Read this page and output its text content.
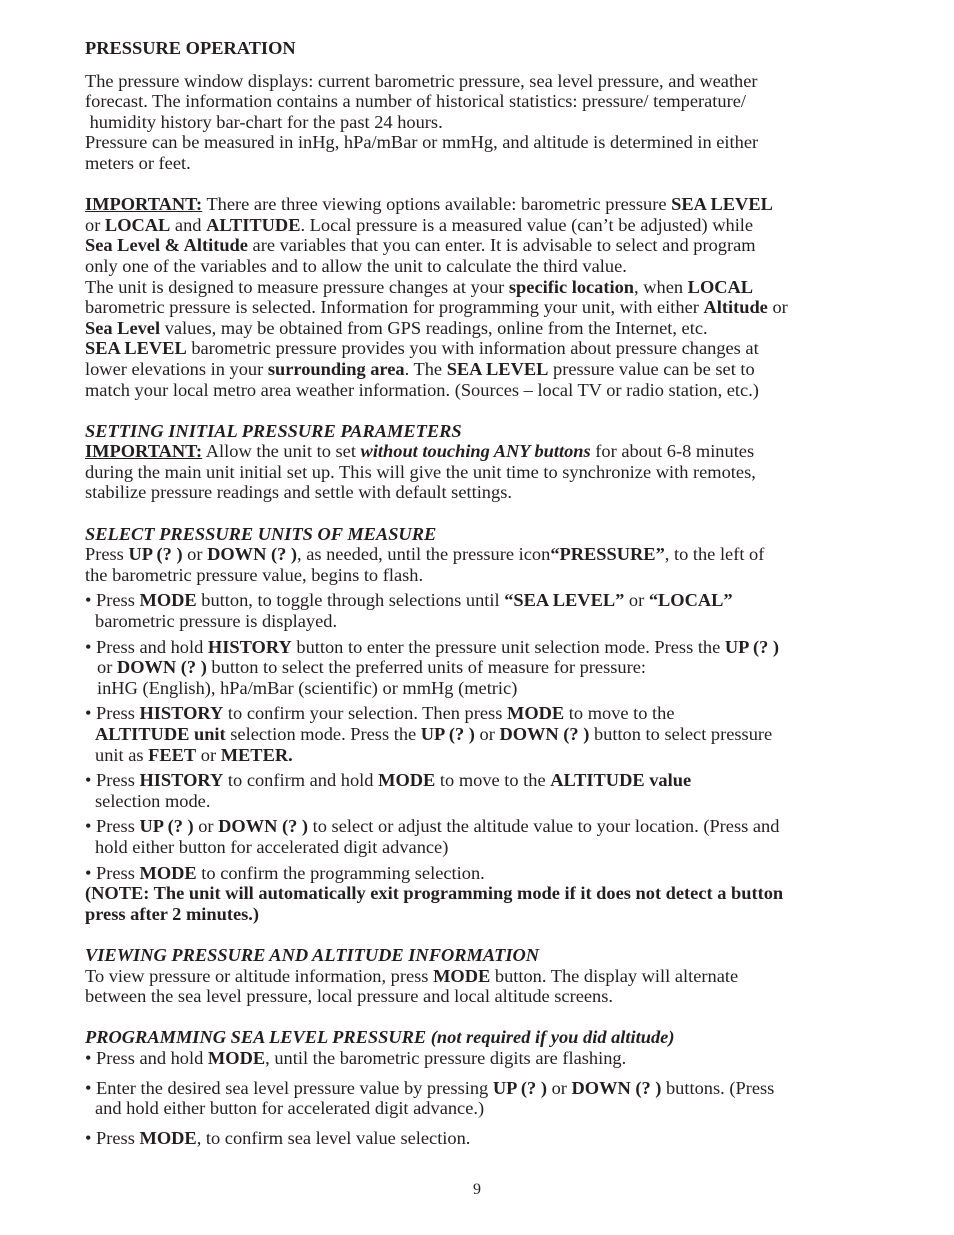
PRESSURE OPERATION

The pressure window displays: current barometric pressure, sea level pressure, and weather

forecast. The information contains a number of historical statistics: pressure/ temperature/

humidity history bar-chart for the past 24 hours.

Pressure can be measured in inHg, hPa/mBar or mmHg, and altitude is determined in either

meters or feet.

IMPORTANT: There are three viewing options available: barometric pressure SEA LEVEL

or LOCAL and ALTITUDE. Local pressure is a measured value (can’t be adjusted) while

Sea Level & Altitude are variables that you can enter. It is advisable to select and program

only one of the variables and to allow the unit to calculate the third value.

The unit is designed to measure pressure changes at your specific location, when LOCAL

barometric pressure is selected. Information for programming your unit, with either Altitude or

Sea Level values, may be obtained from GPS readings, online from the Internet, etc.

SEA LEVEL barometric pressure provides you with information about pressure changes at

lower elevations in your surrounding area. The SEA LEVEL pressure value can be set to

match your local metro area weather information. (Sources – local TV or radio station, etc.)

SETTING INITIAL PRESSURE PARAMETERS

IMPORTANT: Allow the unit to set without touching ANY buttons for about 6-8 minutes

during the main unit initial set up. This will give the unit time to synchronize with remotes,

stabilize pressure readings and settle with default settings.

SELECT PRESSURE UNITS OF MEASURE

Press UP (? ) or DOWN (? ), as needed, until the pressure icon“PRESSURE”, to the left of

the barometric pressure value, begins to flash.

• Press MODE button, to toggle through selections until “SEA LEVEL” or “LOCAL”

barometric pressure is displayed.

• Press and hold HISTORY button to enter the pressure unit selection mode. Press the UP (? )

or DOWN (? ) button to select the preferred units of measure for pressure:

inHG (English), hPa/mBar (scientific) or mmHg (metric)

• Press HISTORY to confirm your selection. Then press MODE to move to the

ALTITUDE unit selection mode. Press the UP (? ) or DOWN (? ) button to select pressure

unit as FEET or METER.

• Press HISTORY to confirm and hold MODE to move to the ALTITUDE value

selection mode.

• Press UP (? ) or DOWN (? ) to select or adjust the altitude value to your location. (Press and

hold either button for accelerated digit advance)

• Press MODE to confirm the programming selection.

(NOTE: The unit will automatically exit programming mode if it does not detect a button

press after 2 minutes.)

VIEWING PRESSURE AND ALTITUDE INFORMATION

To view pressure or altitude information, press MODE button. The display will alternate

between the sea level pressure, local pressure and local altitude screens.

PROGRAMMING SEA LEVEL PRESSURE (not required if you did altitude)

• Press and hold MODE, until the barometric pressure digits are flashing.

• Enter the desired sea level pressure value by pressing UP (? ) or DOWN (? ) buttons. (Press

and hold either button for accelerated digit advance.)

• Press MODE, to confirm sea level value selection.

9
